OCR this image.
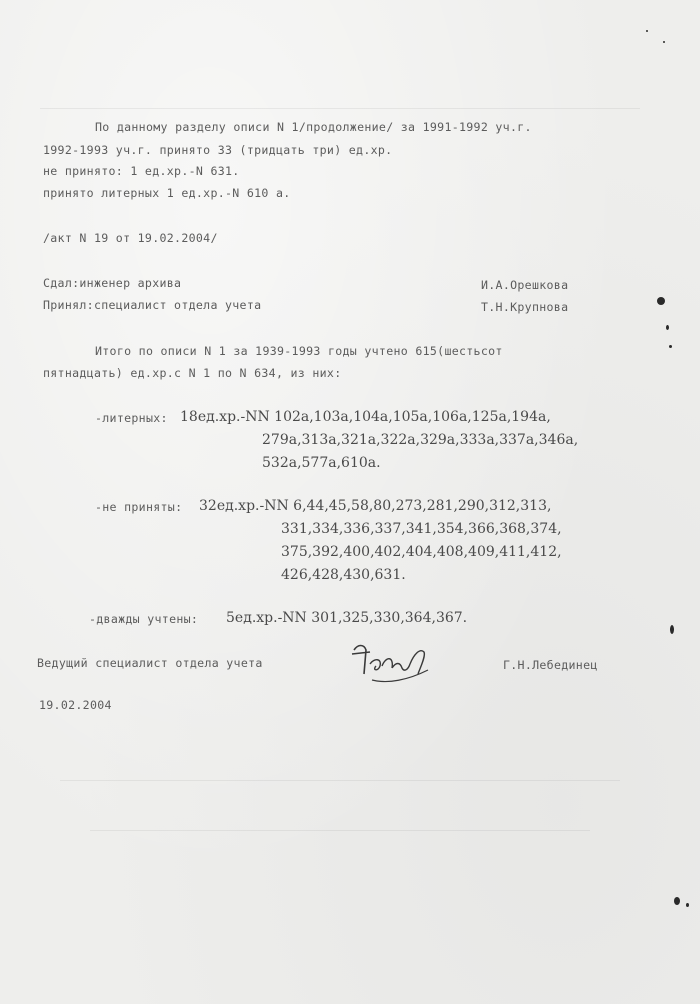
По данному разделу описи N 1/продолжение/ за 1991-1992 уч.г.
1992-1993 уч.г. принято 33 (тридцать три) ед.хр.
не принято: 1 ед.хр.-N 631.
принято литерных 1 ед.хр.-N 610 а.
/акт N 19 от 19.02.2004/
Сдал:инженер архива	И.А.Орешкова
Принял:специалист отдела учета	Т.Н.Крупнова
Итого по описи N 1 за 1939-1993 годы учтено 615(шестьсот
пятнадцать) ед.хр.с N 1 по N 634, из них:
-литерных: 18ед.хр.-NN 102а,103а,104а,105а,106а,125а,194а,
279а,313а,321а,322а,329а,333а,337а,346а,
532а,577а,610а.
-не приняты: 32ед.хр.-NN 6,44,45,58,80,273,281,290,312,313,
331,334,336,337,341,354,366,368,374,
375,392,400,402,404,408,409,411,412,
426,428,430,631.
-дважды учтены: 5ед.хр.-NN 301,325,330,364,367.
Ведущий специалист отдела учета	Г.Н.Лебединец
19.02.2004
